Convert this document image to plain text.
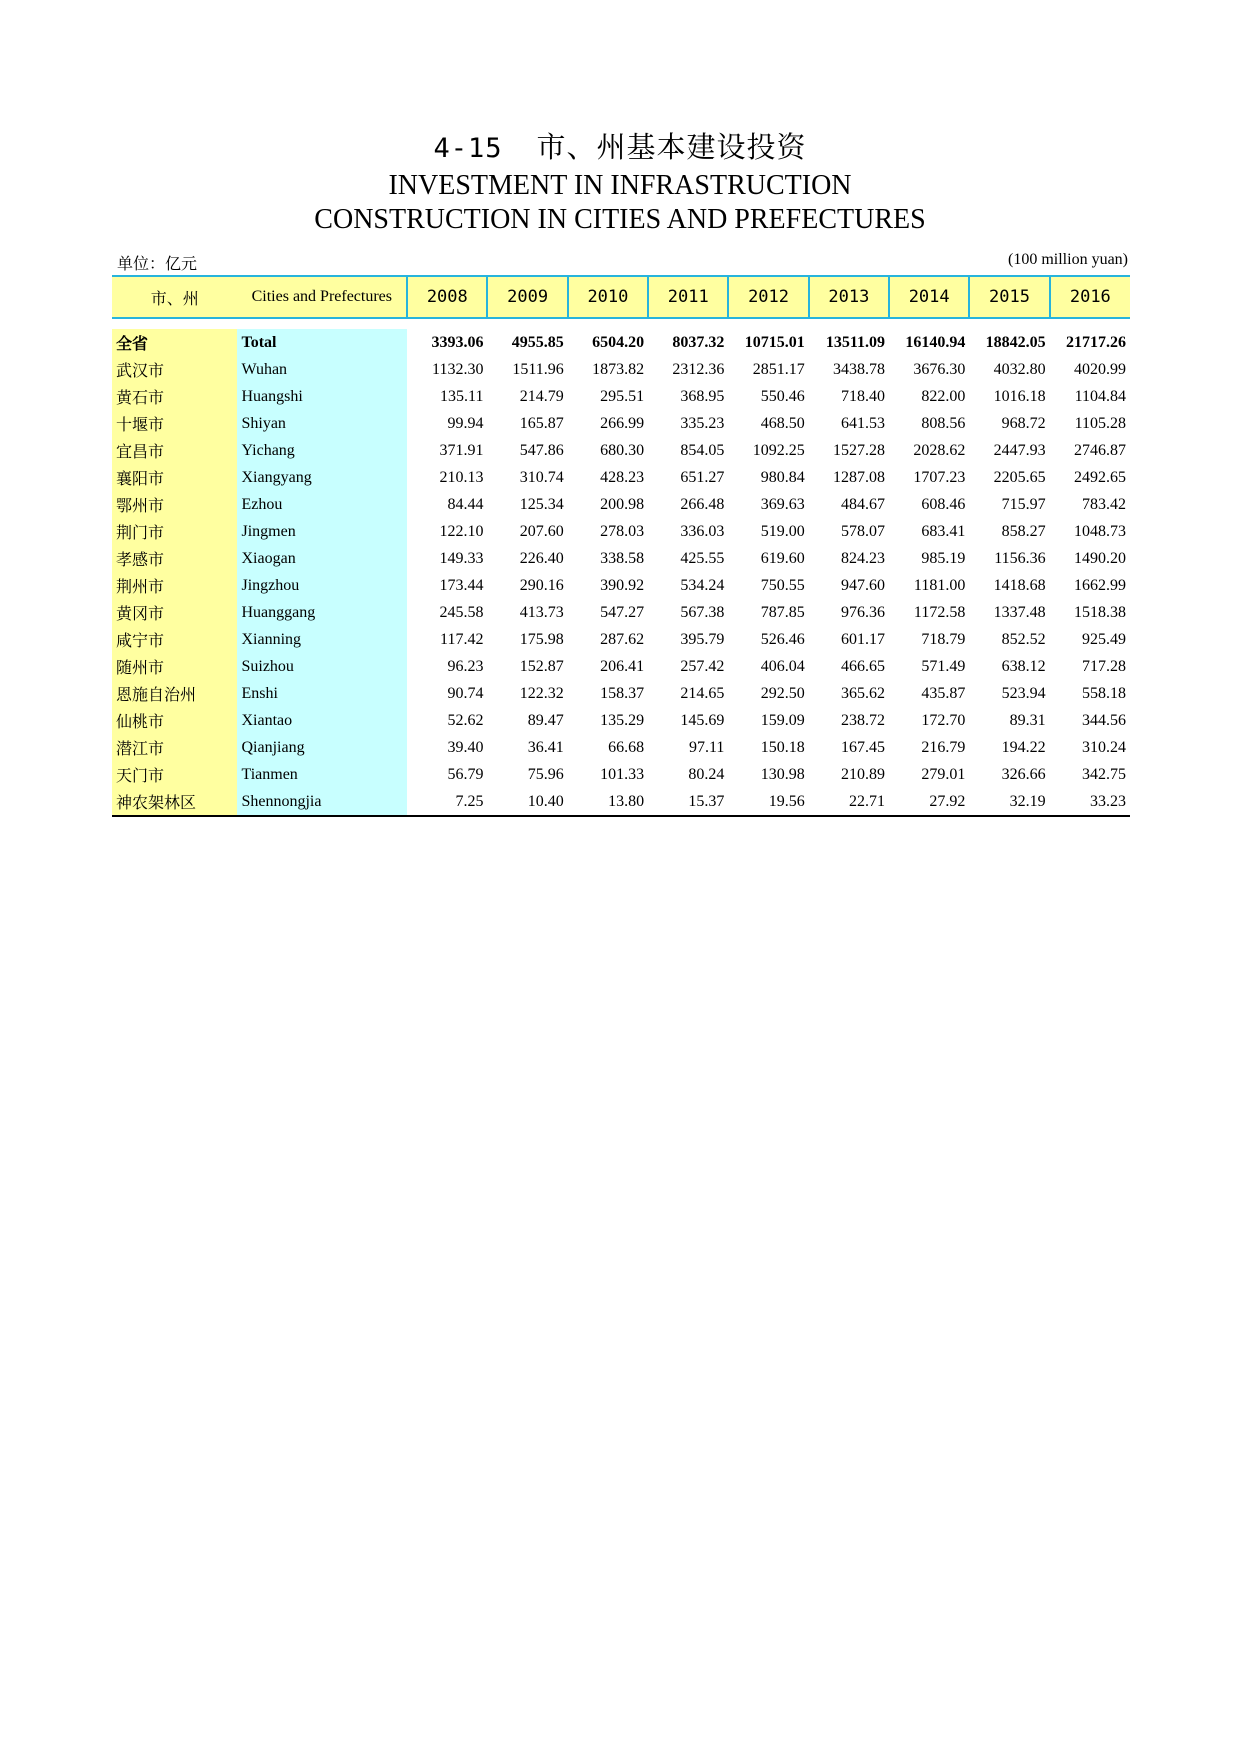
4-15 市、州基本建设投资
INVESTMENT IN INFRASTRUCTION
CONSTRUCTION IN CITIES AND PREFECTURES
单位：亿元	(100 million yuan)
市、州	Cities and Prefectures	2008	2009	2010	2011	2012	2013	2014	2015	2016

全省	Total	3393.06	4955.85	6504.20	8037.32	10715.01	13511.09	16140.94	18842.05	21717.26
武汉市	Wuhan	1132.30	1511.96	1873.82	2312.36	2851.17	3438.78	3676.30	4032.80	4020.99
黄石市	Huangshi	135.11	214.79	295.51	368.95	550.46	718.40	822.00	1016.18	1104.84
十堰市	Shiyan	99.94	165.87	266.99	335.23	468.50	641.53	808.56	968.72	1105.28
宜昌市	Yichang	371.91	547.86	680.30	854.05	1092.25	1527.28	2028.62	2447.93	2746.87
襄阳市	Xiangyang	210.13	310.74	428.23	651.27	980.84	1287.08	1707.23	2205.65	2492.65
鄂州市	Ezhou	84.44	125.34	200.98	266.48	369.63	484.67	608.46	715.97	783.42
荆门市	Jingmen	122.10	207.60	278.03	336.03	519.00	578.07	683.41	858.27	1048.73
孝感市	Xiaogan	149.33	226.40	338.58	425.55	619.60	824.23	985.19	1156.36	1490.20
荆州市	Jingzhou	173.44	290.16	390.92	534.24	750.55	947.60	1181.00	1418.68	1662.99
黄冈市	Huanggang	245.58	413.73	547.27	567.38	787.85	976.36	1172.58	1337.48	1518.38
咸宁市	Xianning	117.42	175.98	287.62	395.79	526.46	601.17	718.79	852.52	925.49
随州市	Suizhou	96.23	152.87	206.41	257.42	406.04	466.65	571.49	638.12	717.28
恩施自治州	Enshi	90.74	122.32	158.37	214.65	292.50	365.62	435.87	523.94	558.18
仙桃市	Xiantao	52.62	89.47	135.29	145.69	159.09	238.72	172.70	89.31	344.56
潜江市	Qianjiang	39.40	36.41	66.68	97.11	150.18	167.45	216.79	194.22	310.24
天门市	Tianmen	56.79	75.96	101.33	80.24	130.98	210.89	279.01	326.66	342.75
神农架林区	Shennongjia	7.25	10.40	13.80	15.37	19.56	22.71	27.92	32.19	33.23
